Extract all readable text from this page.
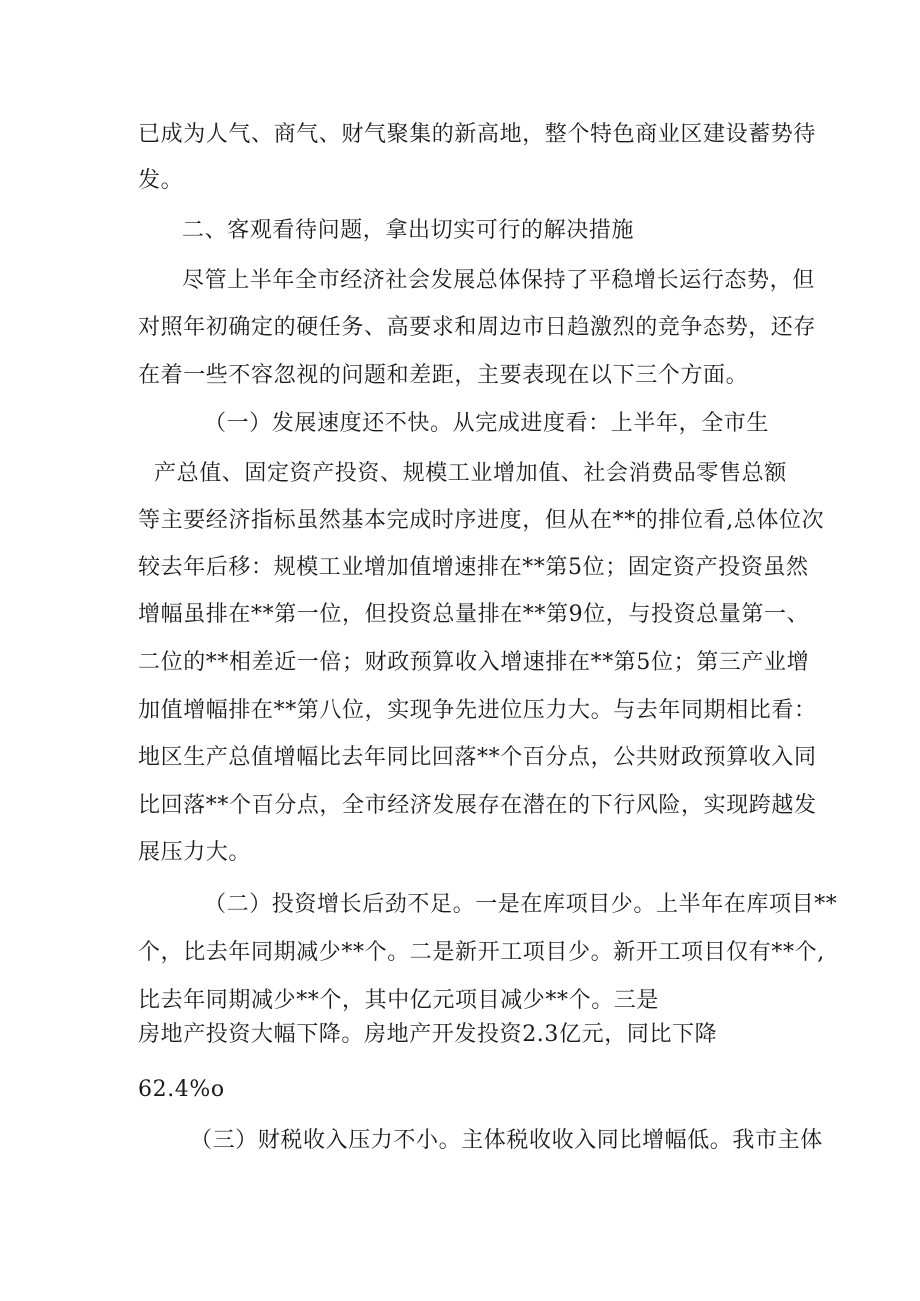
已成为人气、商气、财气聚集的新高地，整个特色商业区建设蓄势待
发。
二、客观看待问题，拿出切实可行的解决措施
尽管上半年全市经济社会发展总体保持了平稳增长运行态势，但
对照年初确定的硬任务、高要求和周边市日趋激烈的竞争态势，还存
在着一些不容忽视的问题和差距，主要表现在以下三个方面。
（一）发展速度还不快。从完成进度看：上半年，全市生
产总值、固定资产投资、规模工业增加值、社会消费品零售总额
等主要经济指标虽然基本完成时序进度，但从在**的排位看,总体位次
较去年后移：规模工业增加值增速排在**第5位；固定资产投资虽然
增幅虽排在**第一位，但投资总量排在**第9位，与投资总量第一、
二位的**相差近一倍；财政预算收入增速排在**第5位；第三产业增
加值增幅排在**第八位，实现争先进位压力大。与去年同期相比看：
地区生产总值增幅比去年同比回落**个百分点，公共财政预算收入同
比回落**个百分点，全市经济发展存在潜在的下行风险，实现跨越发
展压力大。
（二）投资增长后劲不足。一是在库项目少。上半年在库项目**
个，比去年同期减少**个。二是新开工项目少。新开工项目仅有**个,
比去年同期减少**个，其中亿元项目减少**个。三是
房地产投资大幅下降。房地产开发投资2.3亿元，同比下降
62.4%o
（三）财税收入压力不小。主体税收收入同比增幅低。我市主体
